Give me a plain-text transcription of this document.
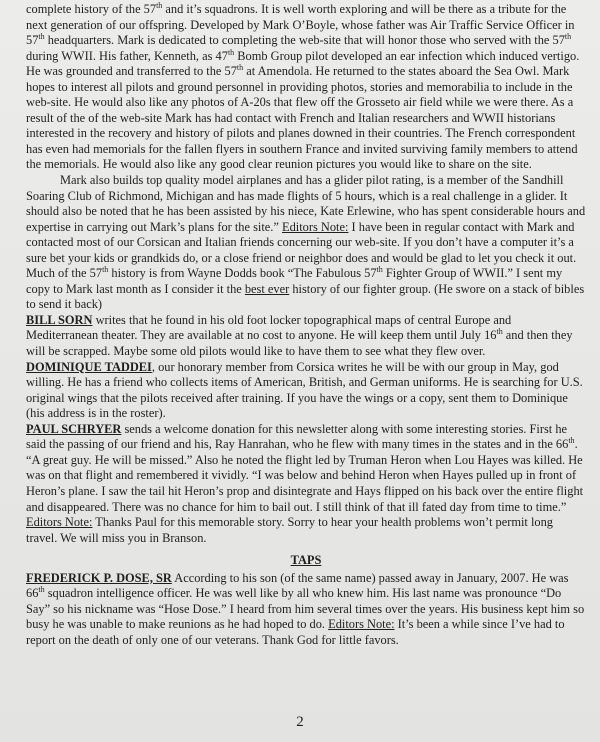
complete history of the 57th and it’s squadrons. It is well worth exploring and will be there as a tribute for the next generation of our offspring. Developed by Mark O’Boyle, whose father was Air Traffic Service Officer in 57th headquarters. Mark is dedicated to completing the web-site that will honor those who served with the 57th during WWII. His father, Kenneth, as 47th Bomb Group pilot developed an ear infection which induced vertigo. He was grounded and transferred to the 57th at Amendola. He returned to the states aboard the Sea Owl. Mark hopes to interest all pilots and ground personnel in providing photos, stories and memorabilia to include in the web-site. He would also like any photos of A-20s that flew off the Grosseto air field while we were there. As a result of the of the web-site Mark has had contact with French and Italian researchers and WWII historians interested in the recovery and history of pilots and planes downed in their countries. The French correspondent has even had memorials for the fallen flyers in southern France and invited surviving family members to attend the memorials. He would also like any good clear reunion pictures you would like to share on the site.

Mark also builds top quality model airplanes and has a glider pilot rating, is a member of the Sandhill Soaring Club of Richmond, Michigan and has made flights of 5 hours, which is a real challenge in a glider. It should also be noted that he has been assisted by his niece, Kate Erlewine, who has spent considerable hours and expertise in carrying out Mark’s plans for the site.” Editors Note: I have been in regular contact with Mark and contacted most of our Corsican and Italian friends concerning our web-site. If you don’t have a computer it’s a sure bet your kids or grandkids do, or a close friend or neighbor does and would be glad to let you check it out. Much of the 57th history is from Wayne Dodds book “The Fabulous 57th Fighter Group of WWII.” I sent my copy to Mark last month as I consider it the best ever history of our fighter group. (He swore on a stack of bibles to send it back)

BILL SORN writes that he found in his old foot locker topographical maps of central Europe and Mediterranean theater. They are available at no cost to anyone. He will keep them until July 16th and then they will be scrapped. Maybe some old pilots would like to have them to see what they flew over.

DOMINIQUE TADDEI, our honorary member from Corsica writes he will be with our group in May, god willing. He has a friend who collects items of American, British, and German uniforms. He is searching for U.S. original wings that the pilots received after training. If you have the wings or a copy, sent them to Dominique (his address is in the roster).

PAUL SCHRYER sends a welcome donation for this newsletter along with some interesting stories. First he said the passing of our friend and his, Ray Hanrahan, who he flew with many times in the states and in the 66th. “A great guy. He will be missed.” Also he noted the flight led by Truman Heron when Lou Hayes was killed. He was on that flight and remembered it vividly. “I was below and behind Heron when Hayes pulled up in front of Heron’s plane. I saw the tail hit Heron’s prop and disintegrate and Hays flipped on his back over the entire flight and disappeared. There was no chance for him to bail out. I still think of that ill fated day from time to time.” Editors Note: Thanks Paul for this memorable story. Sorry to hear your health problems won’t permit long travel. We will miss you in Branson.

TAPS

FREDERICK P. DOSE, SR According to his son (of the same name) passed away in January, 2007. He was 66th squadron intelligence officer. He was well like by all who knew him. His last name was pronounce “Do Say” so his nickname was “Hose Dose.” I heard from him several times over the years. His business kept him so busy he was unable to make reunions as he had hoped to do. Editors Note: It’s been a while since I’ve had to report on the death of only one of our veterans. Thank God for little favors.

2
